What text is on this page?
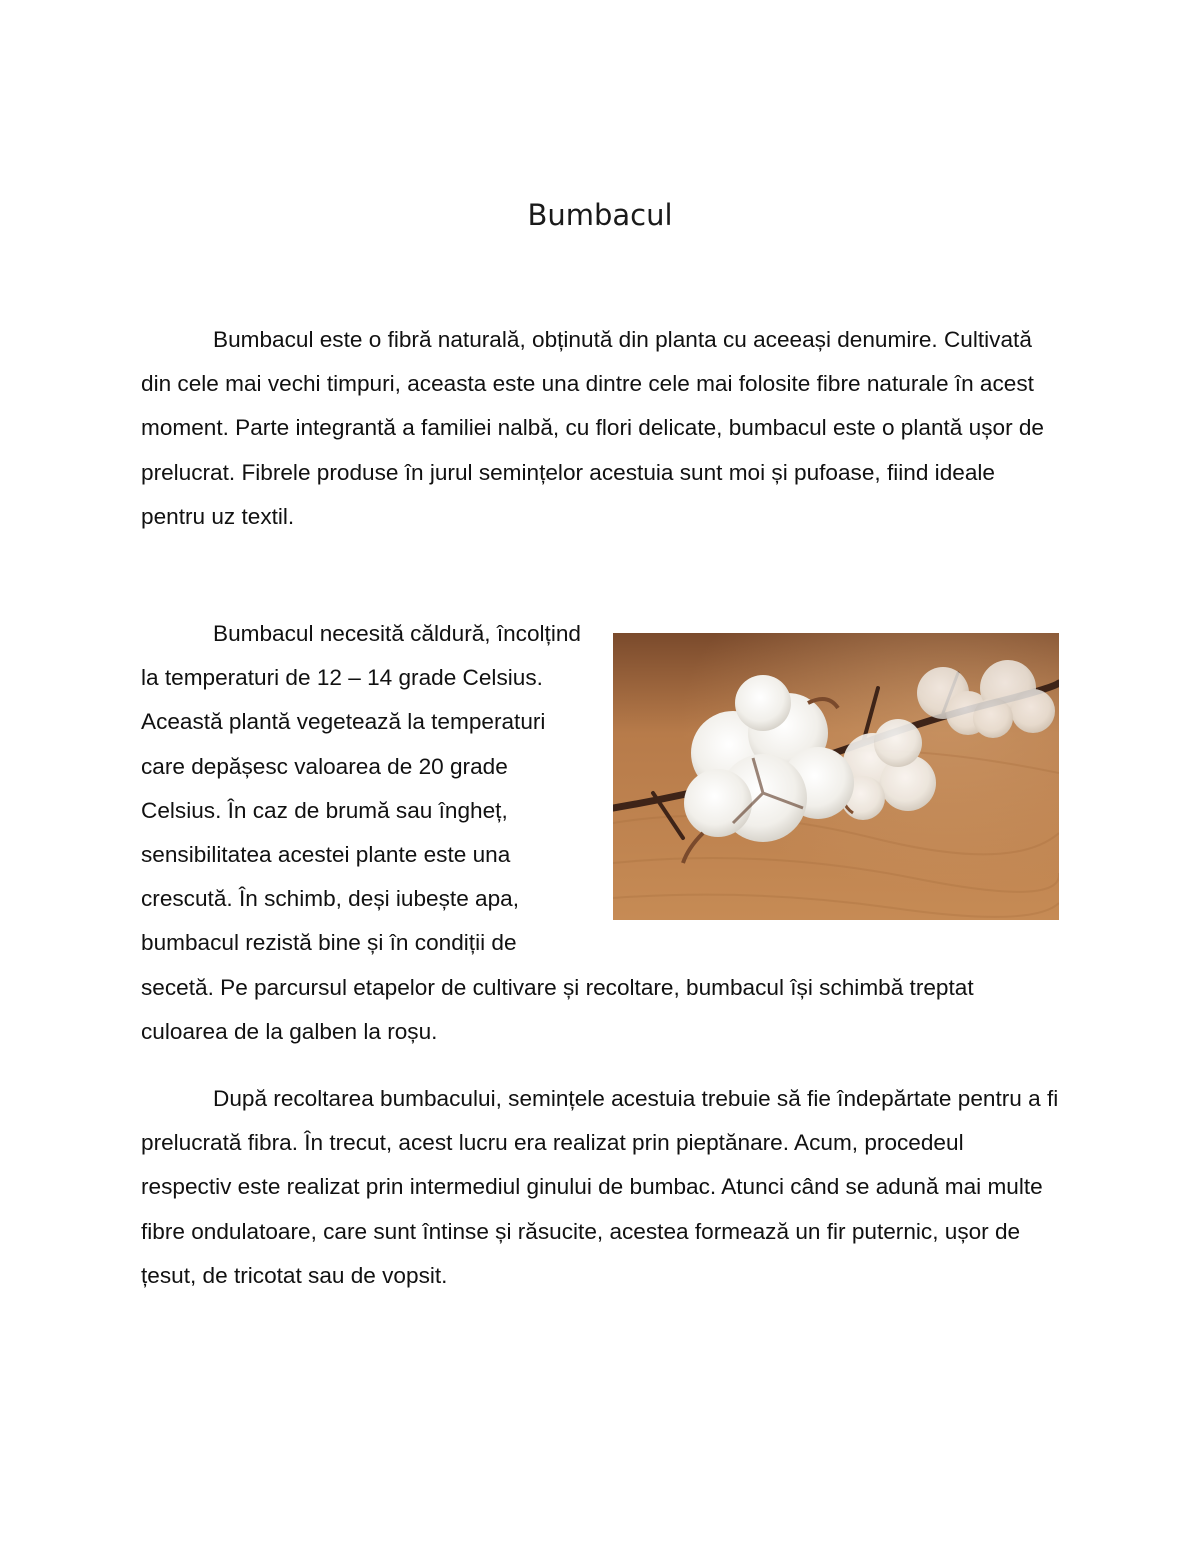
Bumbacul

Bumbacul este o fibră naturală, obținută din planta cu aceeași denumire. Cultivată din cele mai vechi timpuri, aceasta este una dintre cele mai folosite fibre naturale în acest moment. Parte integrantă a familiei nalbă, cu flori delicate, bumbacul este o plantă ușor de prelucrat. Fibrele produse în jurul semințelor acestuia sunt moi și pufoase, fiind ideale pentru uz textil.

Bumbacul necesită căldură, încolțind la temperaturi de 12 – 14 grade Celsius. Această plantă vegetează la temperaturi care depășesc valoarea de 20 grade Celsius. În caz de brumă sau îngheț, sensibilitatea acestei plante este una crescută. În schimb, deși iubește apa, bumbacul rezistă bine și în condiții de secetă. Pe parcursul etapelor de cultivare și recoltare, bumbacul își schimbă treptat culoarea de la galben la roșu.

După recoltarea bumbacului, semințele acestuia trebuie să fie îndepărtate pentru a fi prelucrată fibra. În trecut, acest lucru era realizat prin pieptănare. Acum, procedeul respectiv este realizat prin intermediul ginului de bumbac. Atunci când se adună mai multe fibre ondulatoare, care sunt întinse și răsucite, acestea formează un fir puternic, ușor de țesut, de tricotat sau de vopsit.
